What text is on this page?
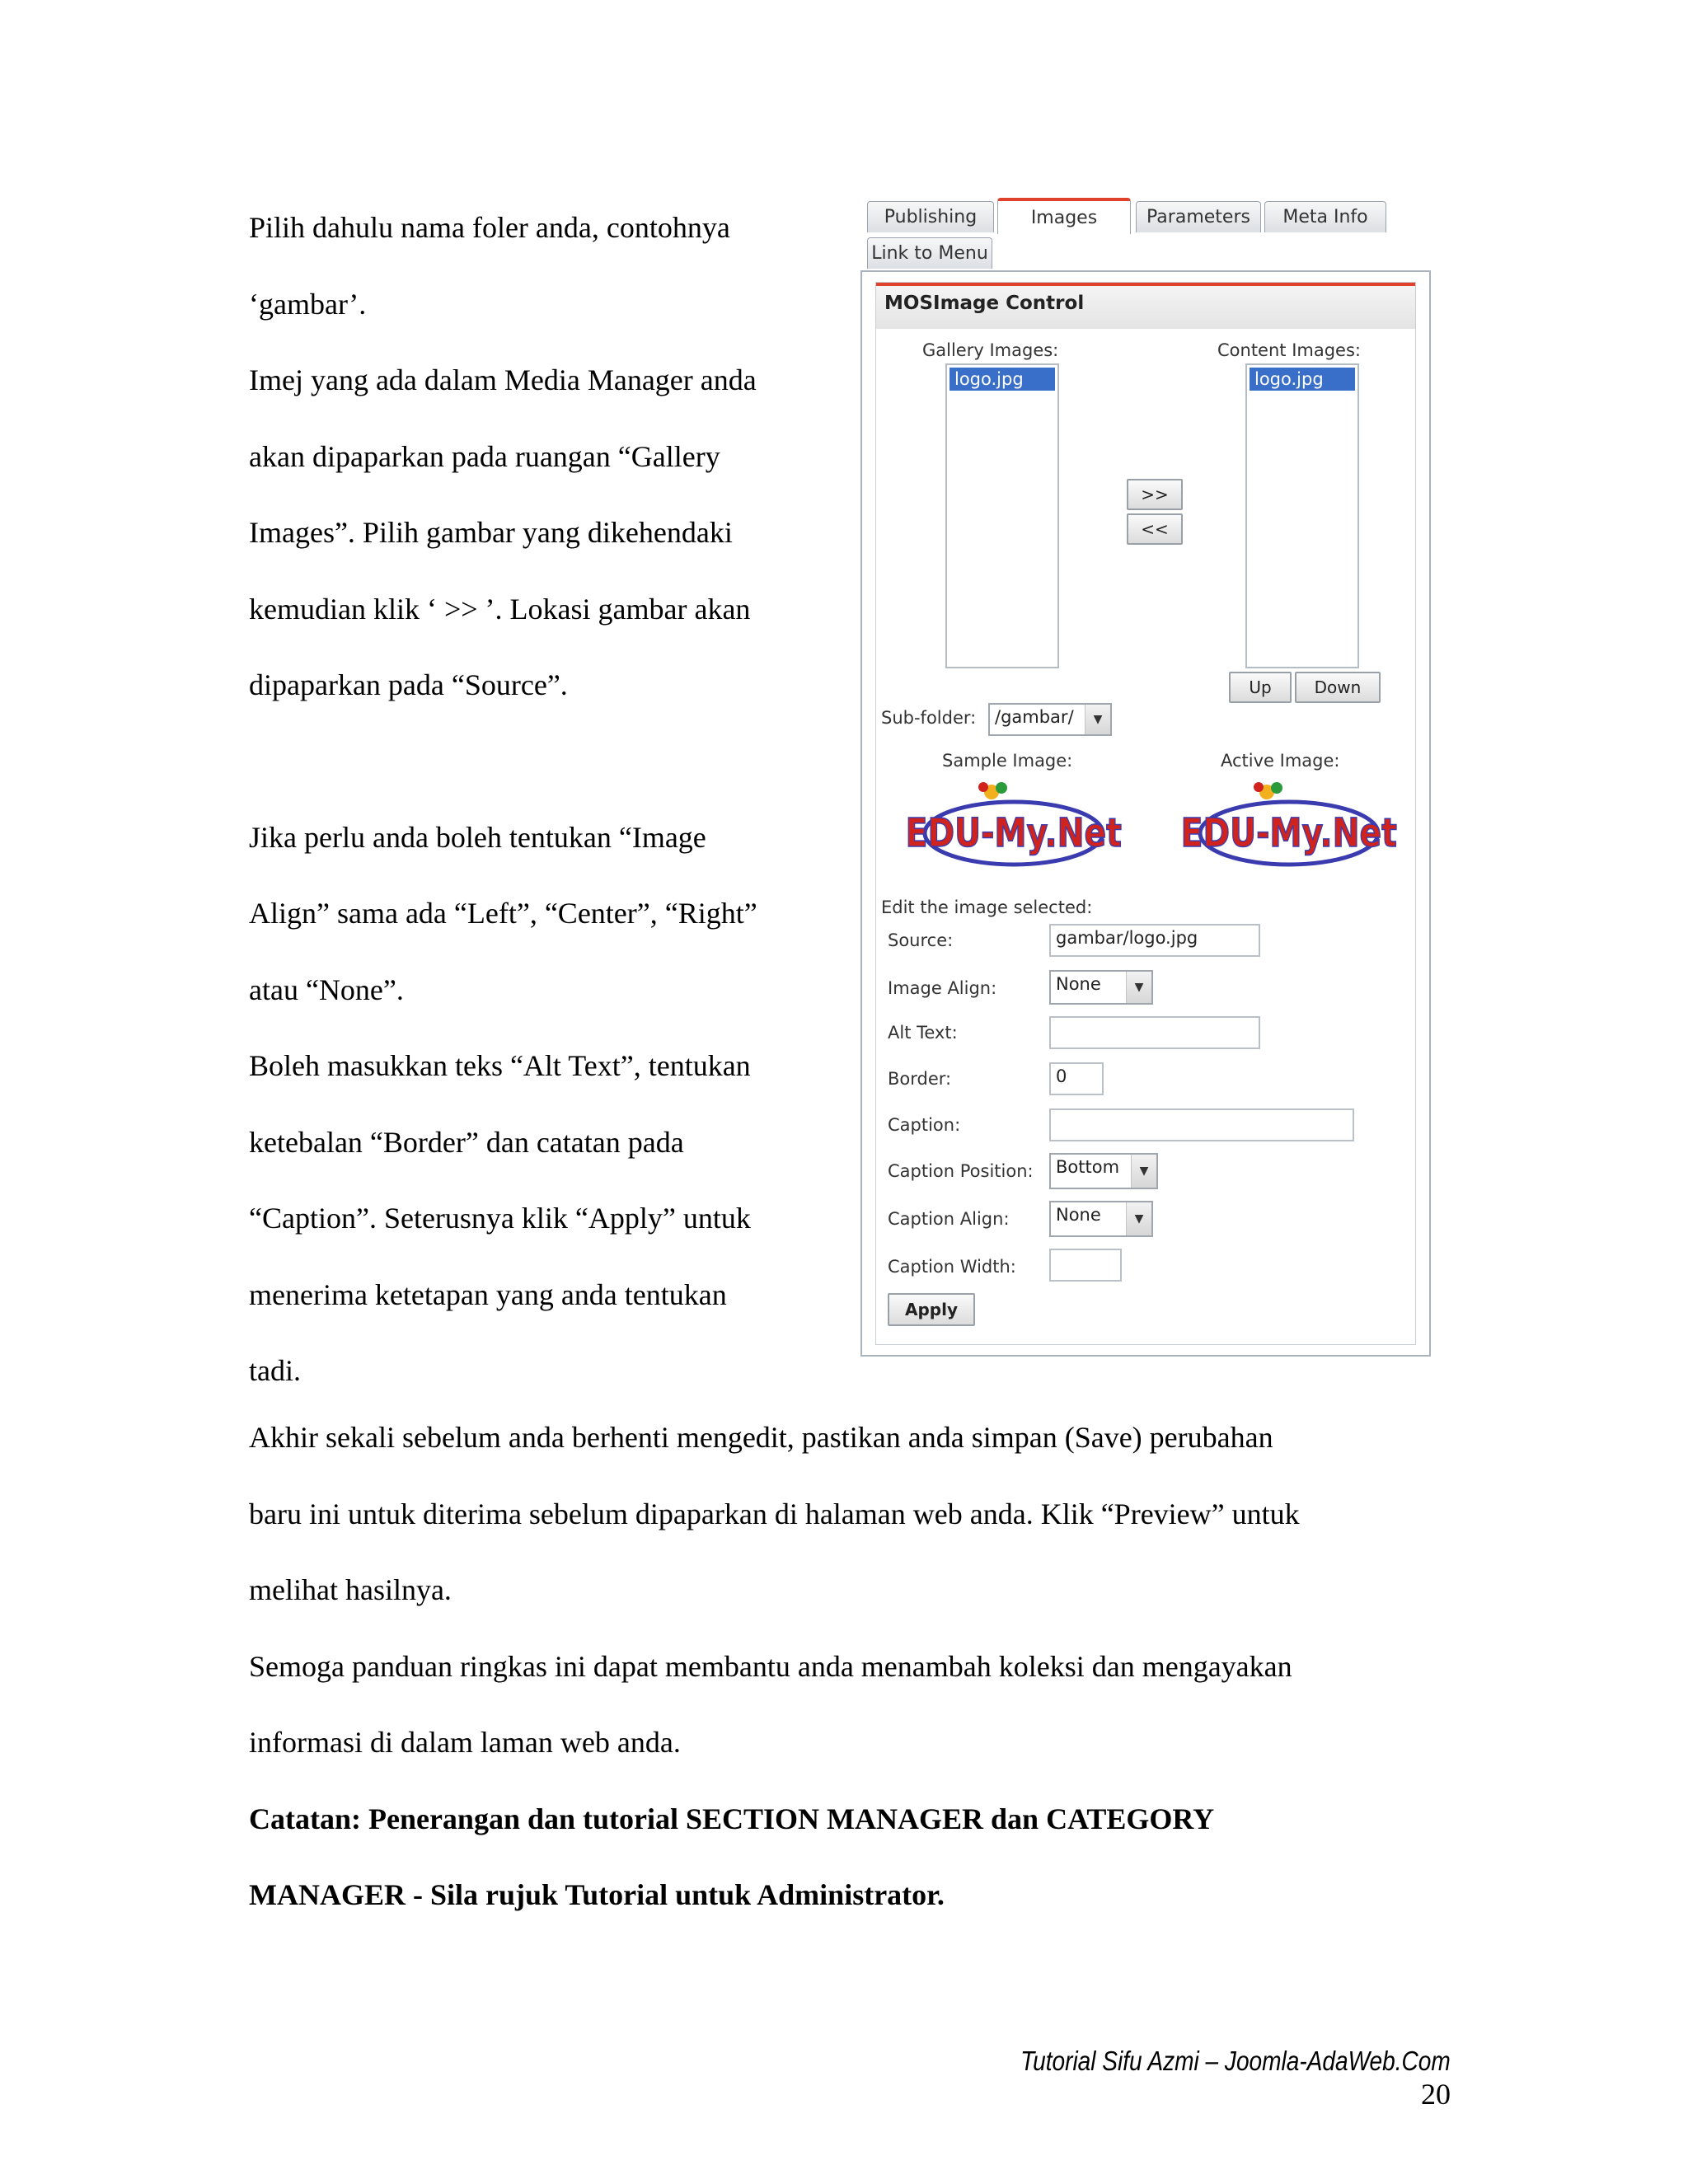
Pilih dahulu nama foler anda, contohnya

‘gambar’.

Imej yang ada dalam Media Manager anda

akan dipaparkan pada ruangan “Gallery

Images”. Pilih gambar yang dikehendaki

kemudian klik ‘ >> ’. Lokasi gambar akan

dipaparkan pada “Source”.

Jika perlu anda boleh tentukan “Image

Align” sama ada “Left”, “Center”, “Right”

atau “None”.

Boleh masukkan teks “Alt Text”, tentukan

ketebalan “Border” dan catatan pada

“Caption”. Seterusnya klik “Apply” untuk

menerima ketetapan yang anda tentukan

tadi.

Akhir sekali sebelum anda berhenti mengedit, pastikan anda simpan (Save) perubahan

baru ini untuk diterima sebelum dipaparkan di halaman web anda. Klik “Preview” untuk

melihat hasilnya.

Semoga panduan ringkas ini dapat membantu anda menambah koleksi dan mengayakan

informasi di dalam laman web anda.

Catatan: Penerangan dan tutorial SECTION MANAGER dan CATEGORY

MANAGER - Sila rujuk Tutorial untuk Administrator.

Tutorial Sifu Azmi – Joomla-AdaWeb.Com20
Publishing	Images	Parameters	Meta Info
Link to Menu
MOSImage Control
Gallery Images:	Content Images:
logo.jpg	logo.jpg
>>
<<
Up	Down
Sub-folder: /gambar/	▼
Sample Image:	Active Image:
EDU-My.Net EDU-My.Net
Edit the image selected:
Source:	gambar/logo.jpg
Image Align:	None	▼
Alt Text:
Border:	0
Caption:
Caption Position: Bottom	▼
Caption Align:	None	▼
Caption Width:
Apply
